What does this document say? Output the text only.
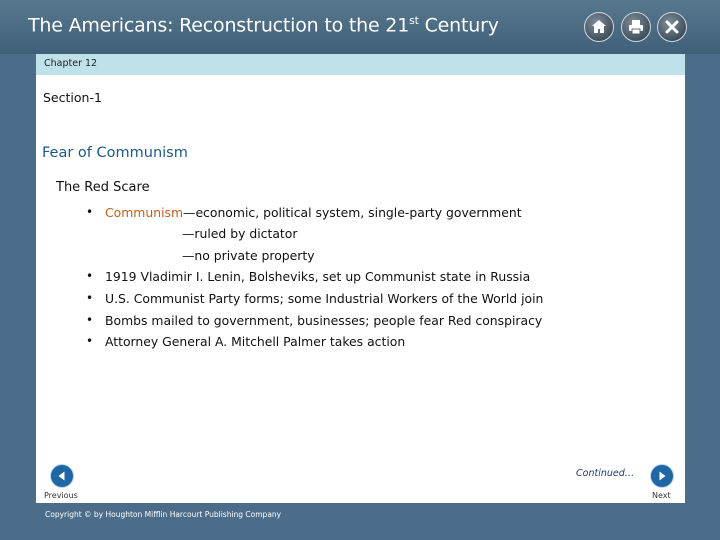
The Americans: Reconstruction to the 21st Century
Chapter 12
Section-1
Fear of Communism
The Red Scare
• Communism—economic, political system, single-party government
—ruled by dictator
—no private property
• 1919 Vladimir I. Lenin, Bolsheviks, set up Communist state in Russia
• U.S. Communist Party forms; some Industrial Workers of the World join
• Bombs mailed to government, businesses; people fear Red conspiracy
• Attorney General A. Mitchell Palmer takes action
Previous
Continued…
Next
Copyright © by Houghton Mifflin Harcourt Publishing Company
